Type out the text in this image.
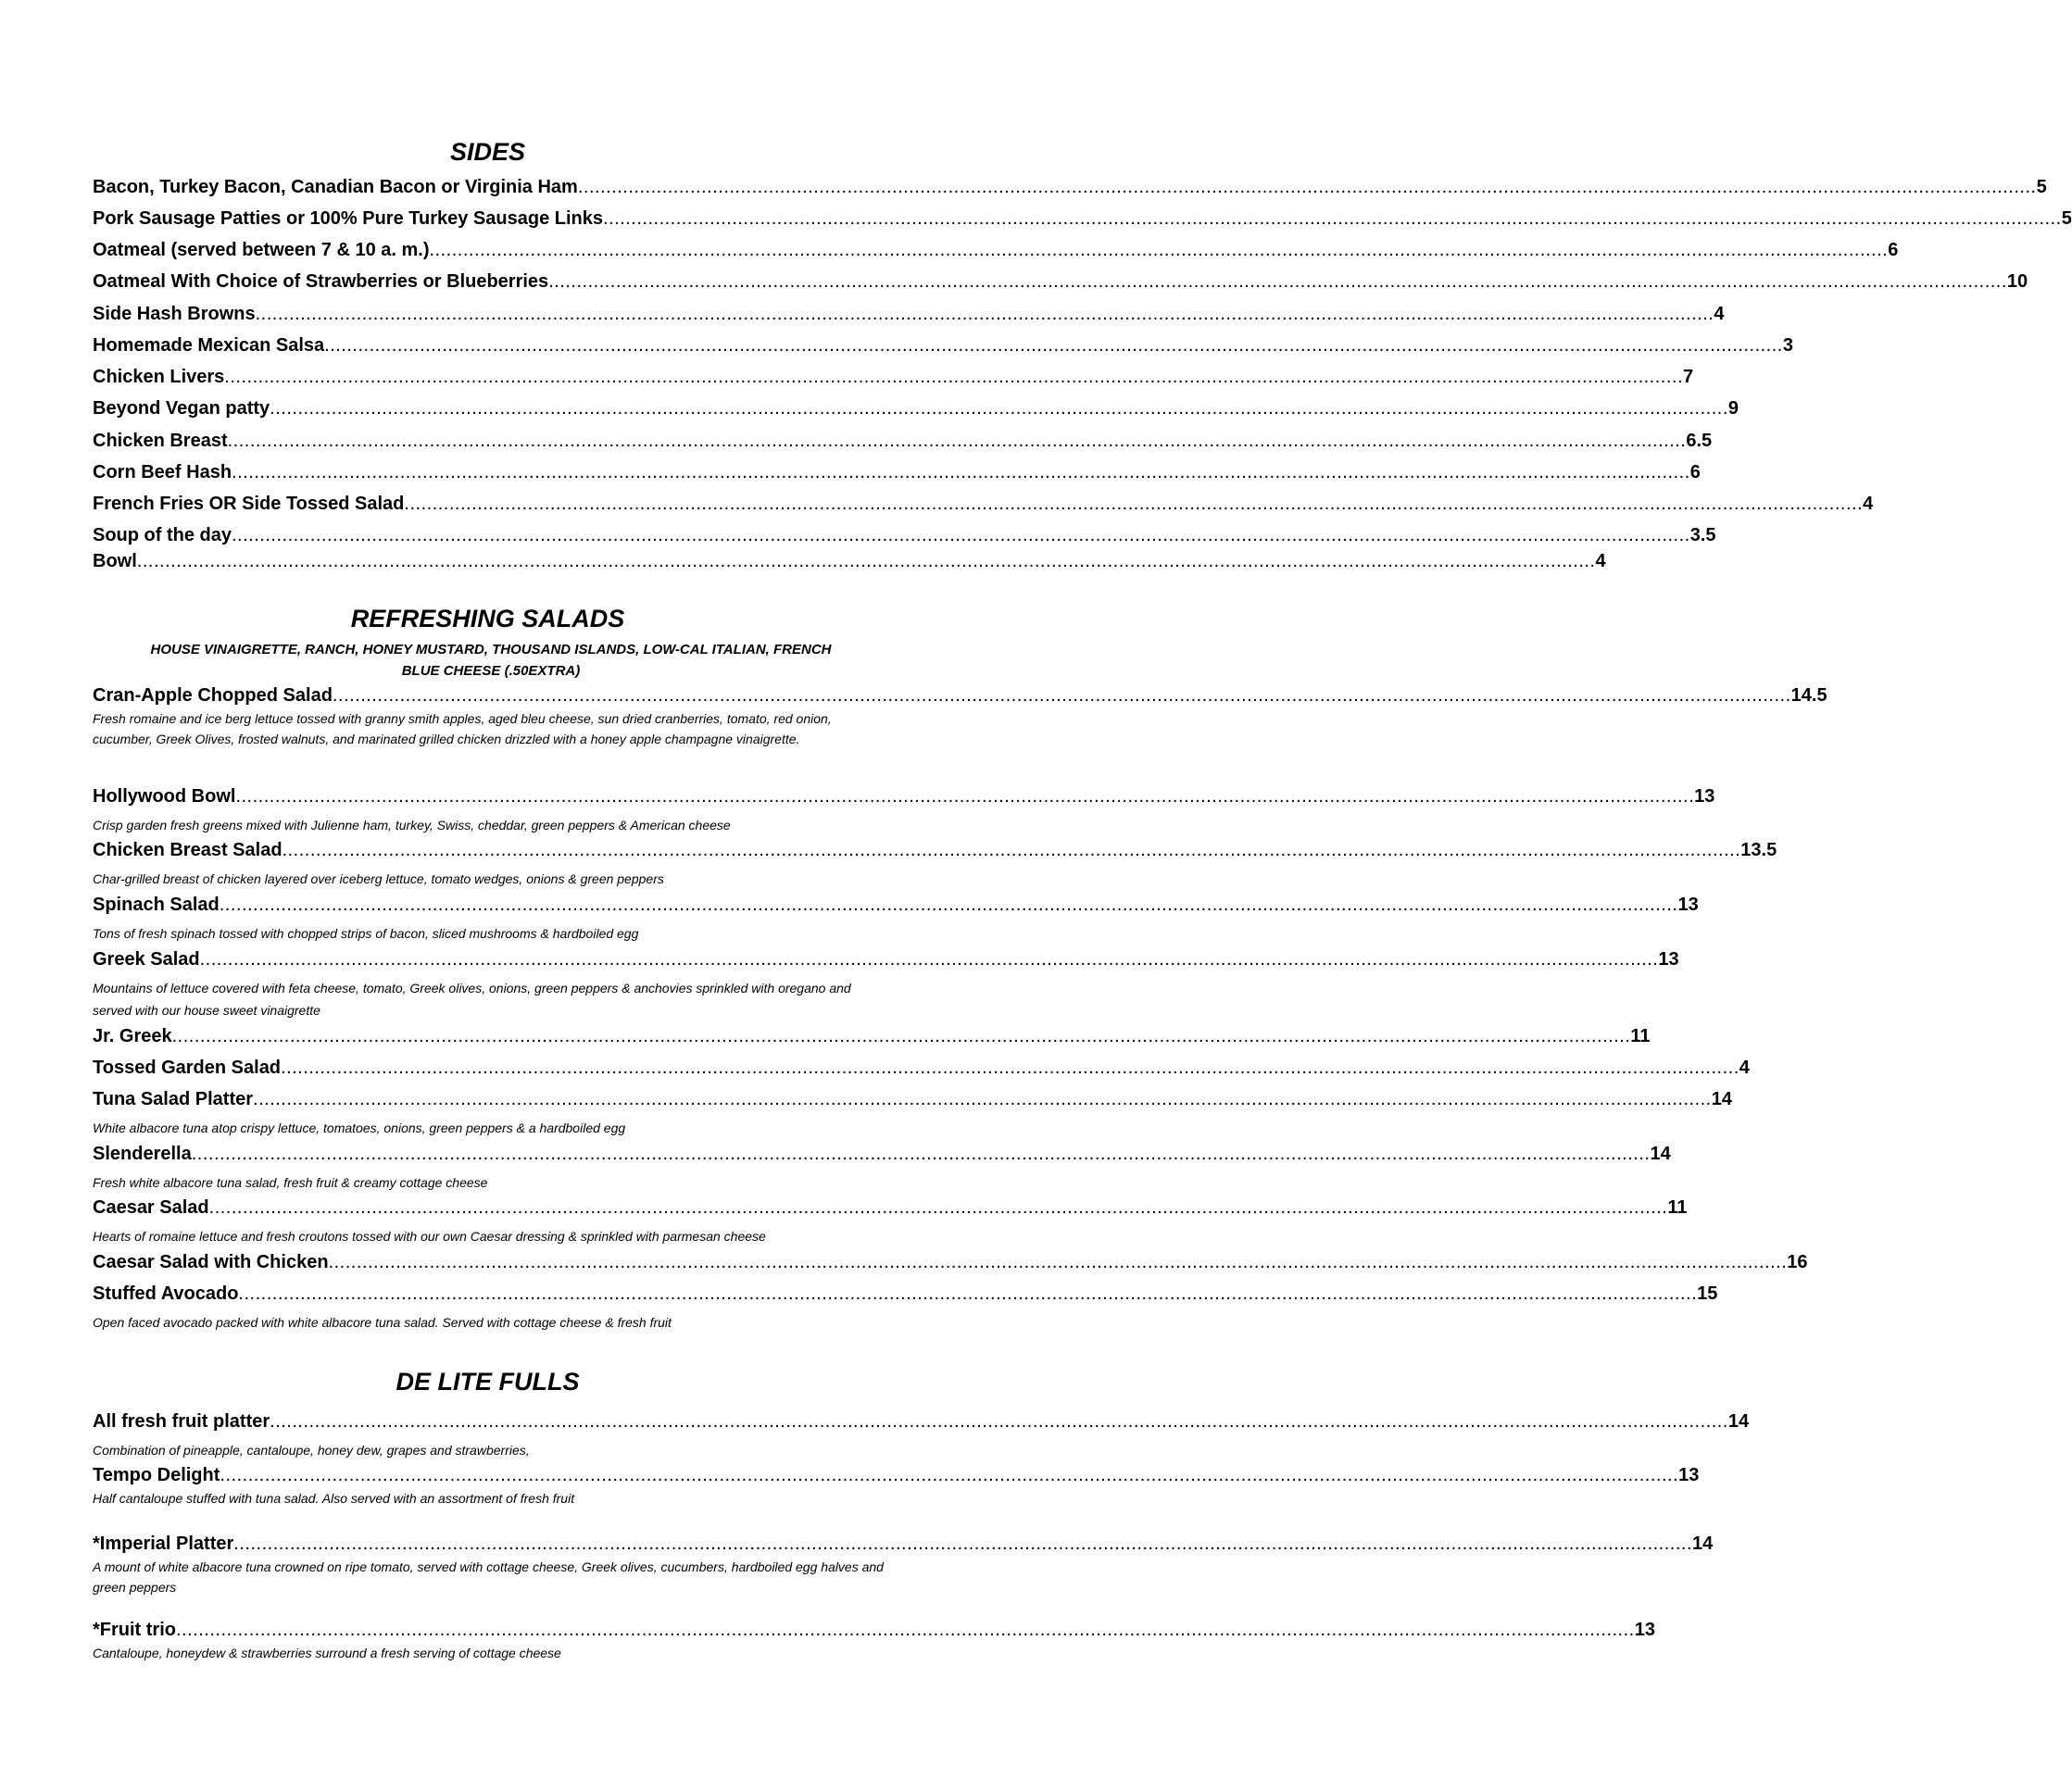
SIDES
Bacon, Turkey Bacon, Canadian Bacon or Virginia Ham .................................................................................................................................................................................................................................................................... 5
Pork Sausage Patties or 100% Pure Turkey Sausage Links .................................................................................................................................................................................................................................................................... 5
Oatmeal (served between 7 & 10 a. m.) .................................................................................................................................................................................................................................................................... 6
Oatmeal With Choice of Strawberries or Blueberries .................................................................................................................................................................................................................................................................... 10
Side Hash Browns .................................................................................................................................................................................................................................................................... 4
Homemade Mexican Salsa .................................................................................................................................................................................................................................................................... 3
Chicken Livers .................................................................................................................................................................................................................................................................... 7
Beyond Vegan patty .................................................................................................................................................................................................................................................................... 9
Chicken Breast .................................................................................................................................................................................................................................................................... 6.5
Corn Beef Hash .................................................................................................................................................................................................................................................................... 6
French Fries OR Side Tossed Salad .................................................................................................................................................................................................................................................................... 4
Soup of the day .................................................................................................................................................................................................................................................................... 3.5
Bowl .................................................................................................................................................................................................................................................................... 4
REFRESHING SALADS
HOUSE VINAIGRETTE, RANCH, HONEY MUSTARD, THOUSAND ISLANDS, LOW-CAL ITALIAN, FRENCH
BLUE CHEESE (.50EXTRA)
Cran-Apple Chopped Salad .................................................................................................................................................................................................................................................................... 14.5
Fresh romaine and ice berg lettuce tossed with granny smith apples, aged bleu cheese, sun dried cranberries, tomato, red onion, cucumber, Greek Olives, frosted walnuts, and marinated grilled chicken drizzled with a honey apple champagne vinaigrette.
Hollywood Bowl .................................................................................................................................................................................................................................................................... 13
Crisp garden fresh greens mixed with Julienne ham, turkey, Swiss, cheddar, green peppers & American cheese
Chicken Breast Salad .................................................................................................................................................................................................................................................................... 13.5
Char-grilled breast of chicken layered over iceberg lettuce, tomato wedges, onions & green peppers
Spinach Salad .................................................................................................................................................................................................................................................................... 13
Tons of fresh spinach tossed with chopped strips of bacon, sliced mushrooms & hardboiled egg
Greek Salad .................................................................................................................................................................................................................................................................... 13
Mountains of lettuce covered with feta cheese, tomato, Greek olives, onions, green peppers & anchovies sprinkled with oregano and served with our house sweet vinaigrette
Jr. Greek .................................................................................................................................................................................................................................................................... 11
Tossed Garden Salad .................................................................................................................................................................................................................................................................... 4
Tuna Salad Platter .................................................................................................................................................................................................................................................................... 14
White albacore tuna atop crispy lettuce, tomatoes, onions, green peppers & a hardboiled egg
Slenderella .................................................................................................................................................................................................................................................................... 14
Fresh white albacore tuna salad, fresh fruit & creamy cottage cheese
Caesar Salad .................................................................................................................................................................................................................................................................... 11
Hearts of romaine lettuce and fresh croutons tossed with our own Caesar dressing & sprinkled with parmesan cheese
Caesar Salad with Chicken .................................................................................................................................................................................................................................................................... 16
Stuffed Avocado .................................................................................................................................................................................................................................................................... 15
Open faced avocado packed with white albacore tuna salad. Served with cottage cheese & fresh fruit
DE LITE FULLS
All fresh fruit platter .................................................................................................................................................................................................................................................................... 14
Combination of pineapple, cantaloupe, honey dew, grapes and strawberries,
Tempo Delight .................................................................................................................................................................................................................................................................... 13
Half cantaloupe stuffed with tuna salad. Also served with an assortment of fresh fruit
*Imperial Platter .................................................................................................................................................................................................................................................................... 14
A mount of white albacore tuna crowned on ripe tomato, served with cottage cheese, Greek olives, cucumbers, hardboiled egg halves and green peppers
*Fruit trio .................................................................................................................................................................................................................................................................... 13
Cantaloupe, honeydew & strawberries surround a fresh serving of cottage cheese
